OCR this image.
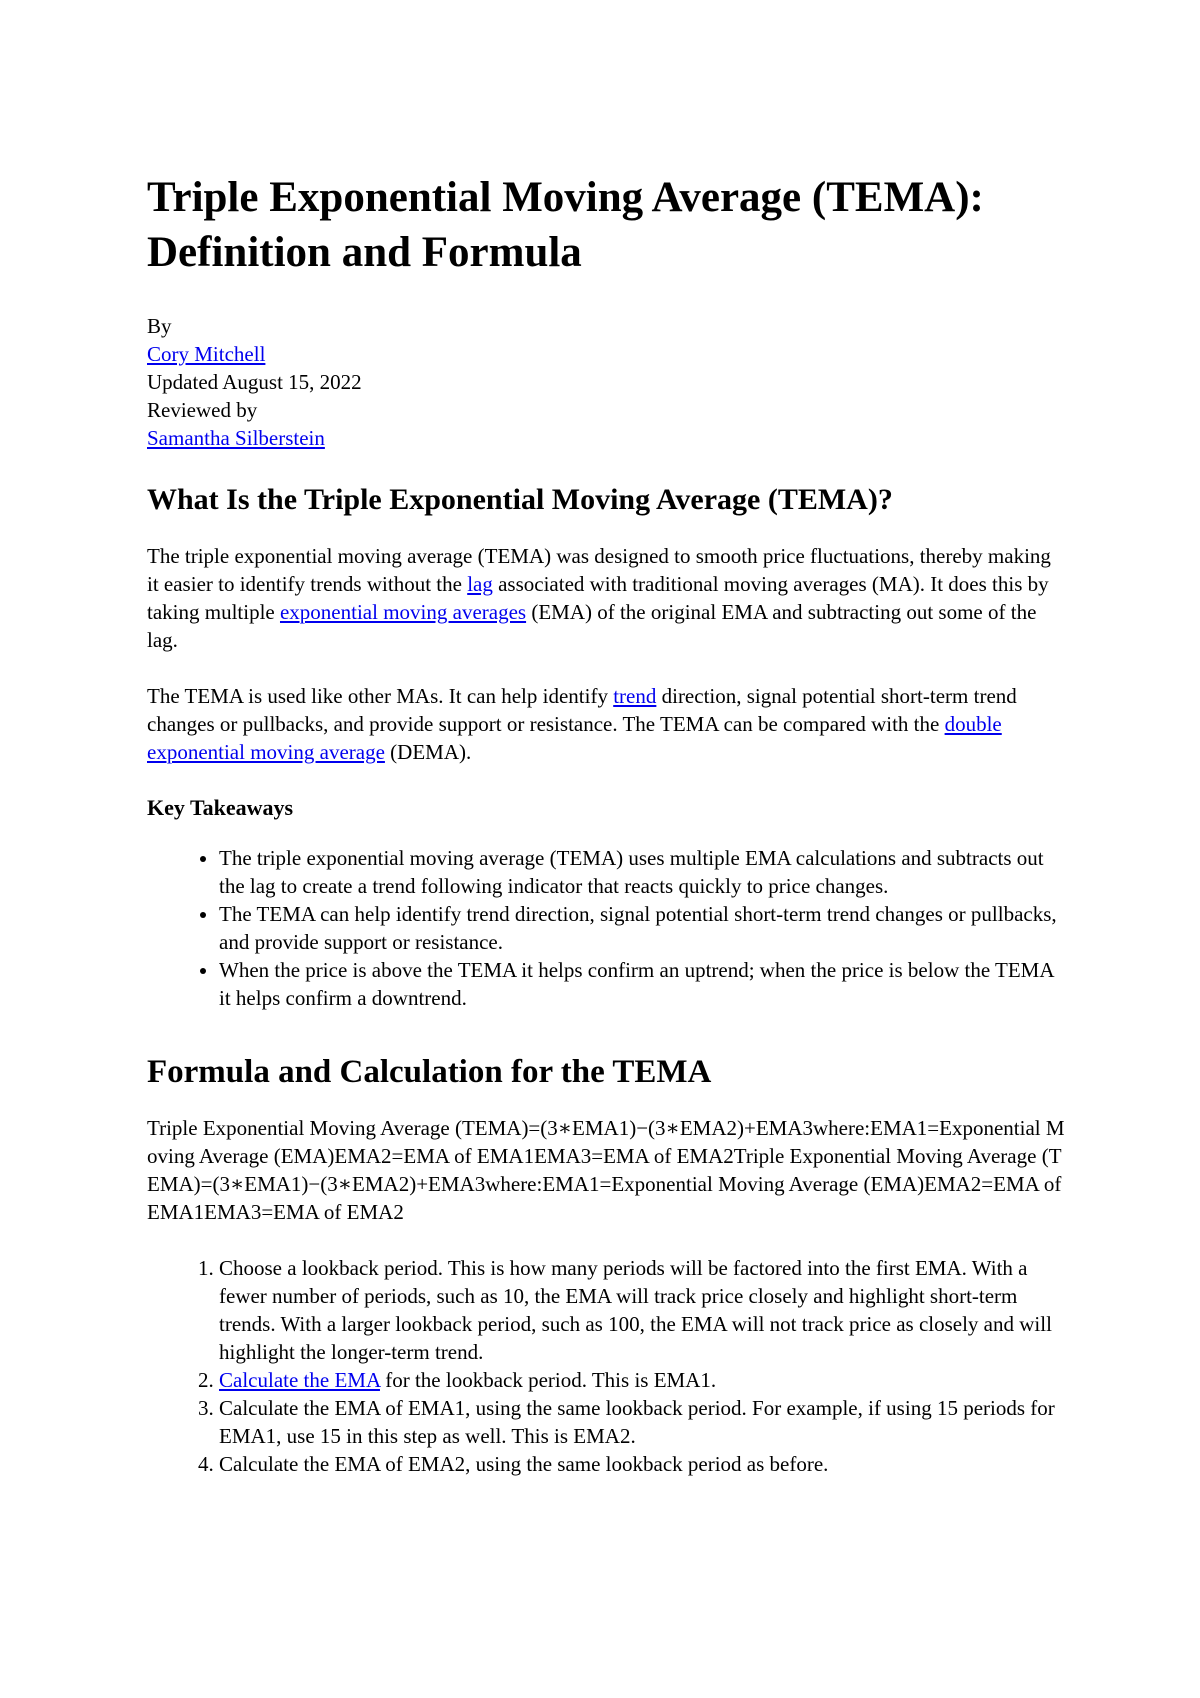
Triple Exponential Moving Average (TEMA): Definition and Formula
By
Cory Mitchell
Updated August 15, 2022
Reviewed by
Samantha Silberstein
What Is the Triple Exponential Moving Average (TEMA)?

The triple exponential moving average (TEMA) was designed to smooth price fluctuations, thereby making it easier to identify trends without the lag associated with traditional moving averages (MA). It does this by taking multiple exponential moving averages (EMA) of the original EMA and subtracting out some of the lag.

The TEMA is used like other MAs. It can help identify trend direction, signal potential short-term trend changes or pullbacks, and provide support or resistance. The TEMA can be compared with the double exponential moving average (DEMA).

Key Takeaways
• The triple exponential moving average (TEMA) uses multiple EMA calculations and subtracts out the lag to create a trend following indicator that reacts quickly to price changes.
• The TEMA can help identify trend direction, signal potential short-term trend changes or pullbacks, and provide support or resistance.
• When the price is above the TEMA it helps confirm an uptrend; when the price is below the TEMA it helps confirm a downtrend.
Formula and Calculation for the TEMA
Triple Exponential Moving Average (TEMA)=(3∗EMA1)−(3∗EMA2)+EMA3where:EMA1=Exponential Moving Average (EMA)EMA2=EMA of EMA1EMA3=EMA of EMA2Triple Exponential Moving Average (TEMA)=(3∗EMA1)−(3∗EMA2)+EMA3where:EMA1=Exponential Moving Average (EMA)EMA2=EMA of EMA1EMA3=EMA of EMA2
1. Choose a lookback period. This is how many periods will be factored into the first EMA. With a fewer number of periods, such as 10, the EMA will track price closely and highlight short-term trends. With a larger lookback period, such as 100, the EMA will not track price as closely and will highlight the longer-term trend.
2. Calculate the EMA for the lookback period. This is EMA1.
3. Calculate the EMA of EMA1, using the same lookback period. For example, if using 15 periods for EMA1, use 15 in this step as well. This is EMA2.
4. Calculate the EMA of EMA2, using the same lookback period as before.
